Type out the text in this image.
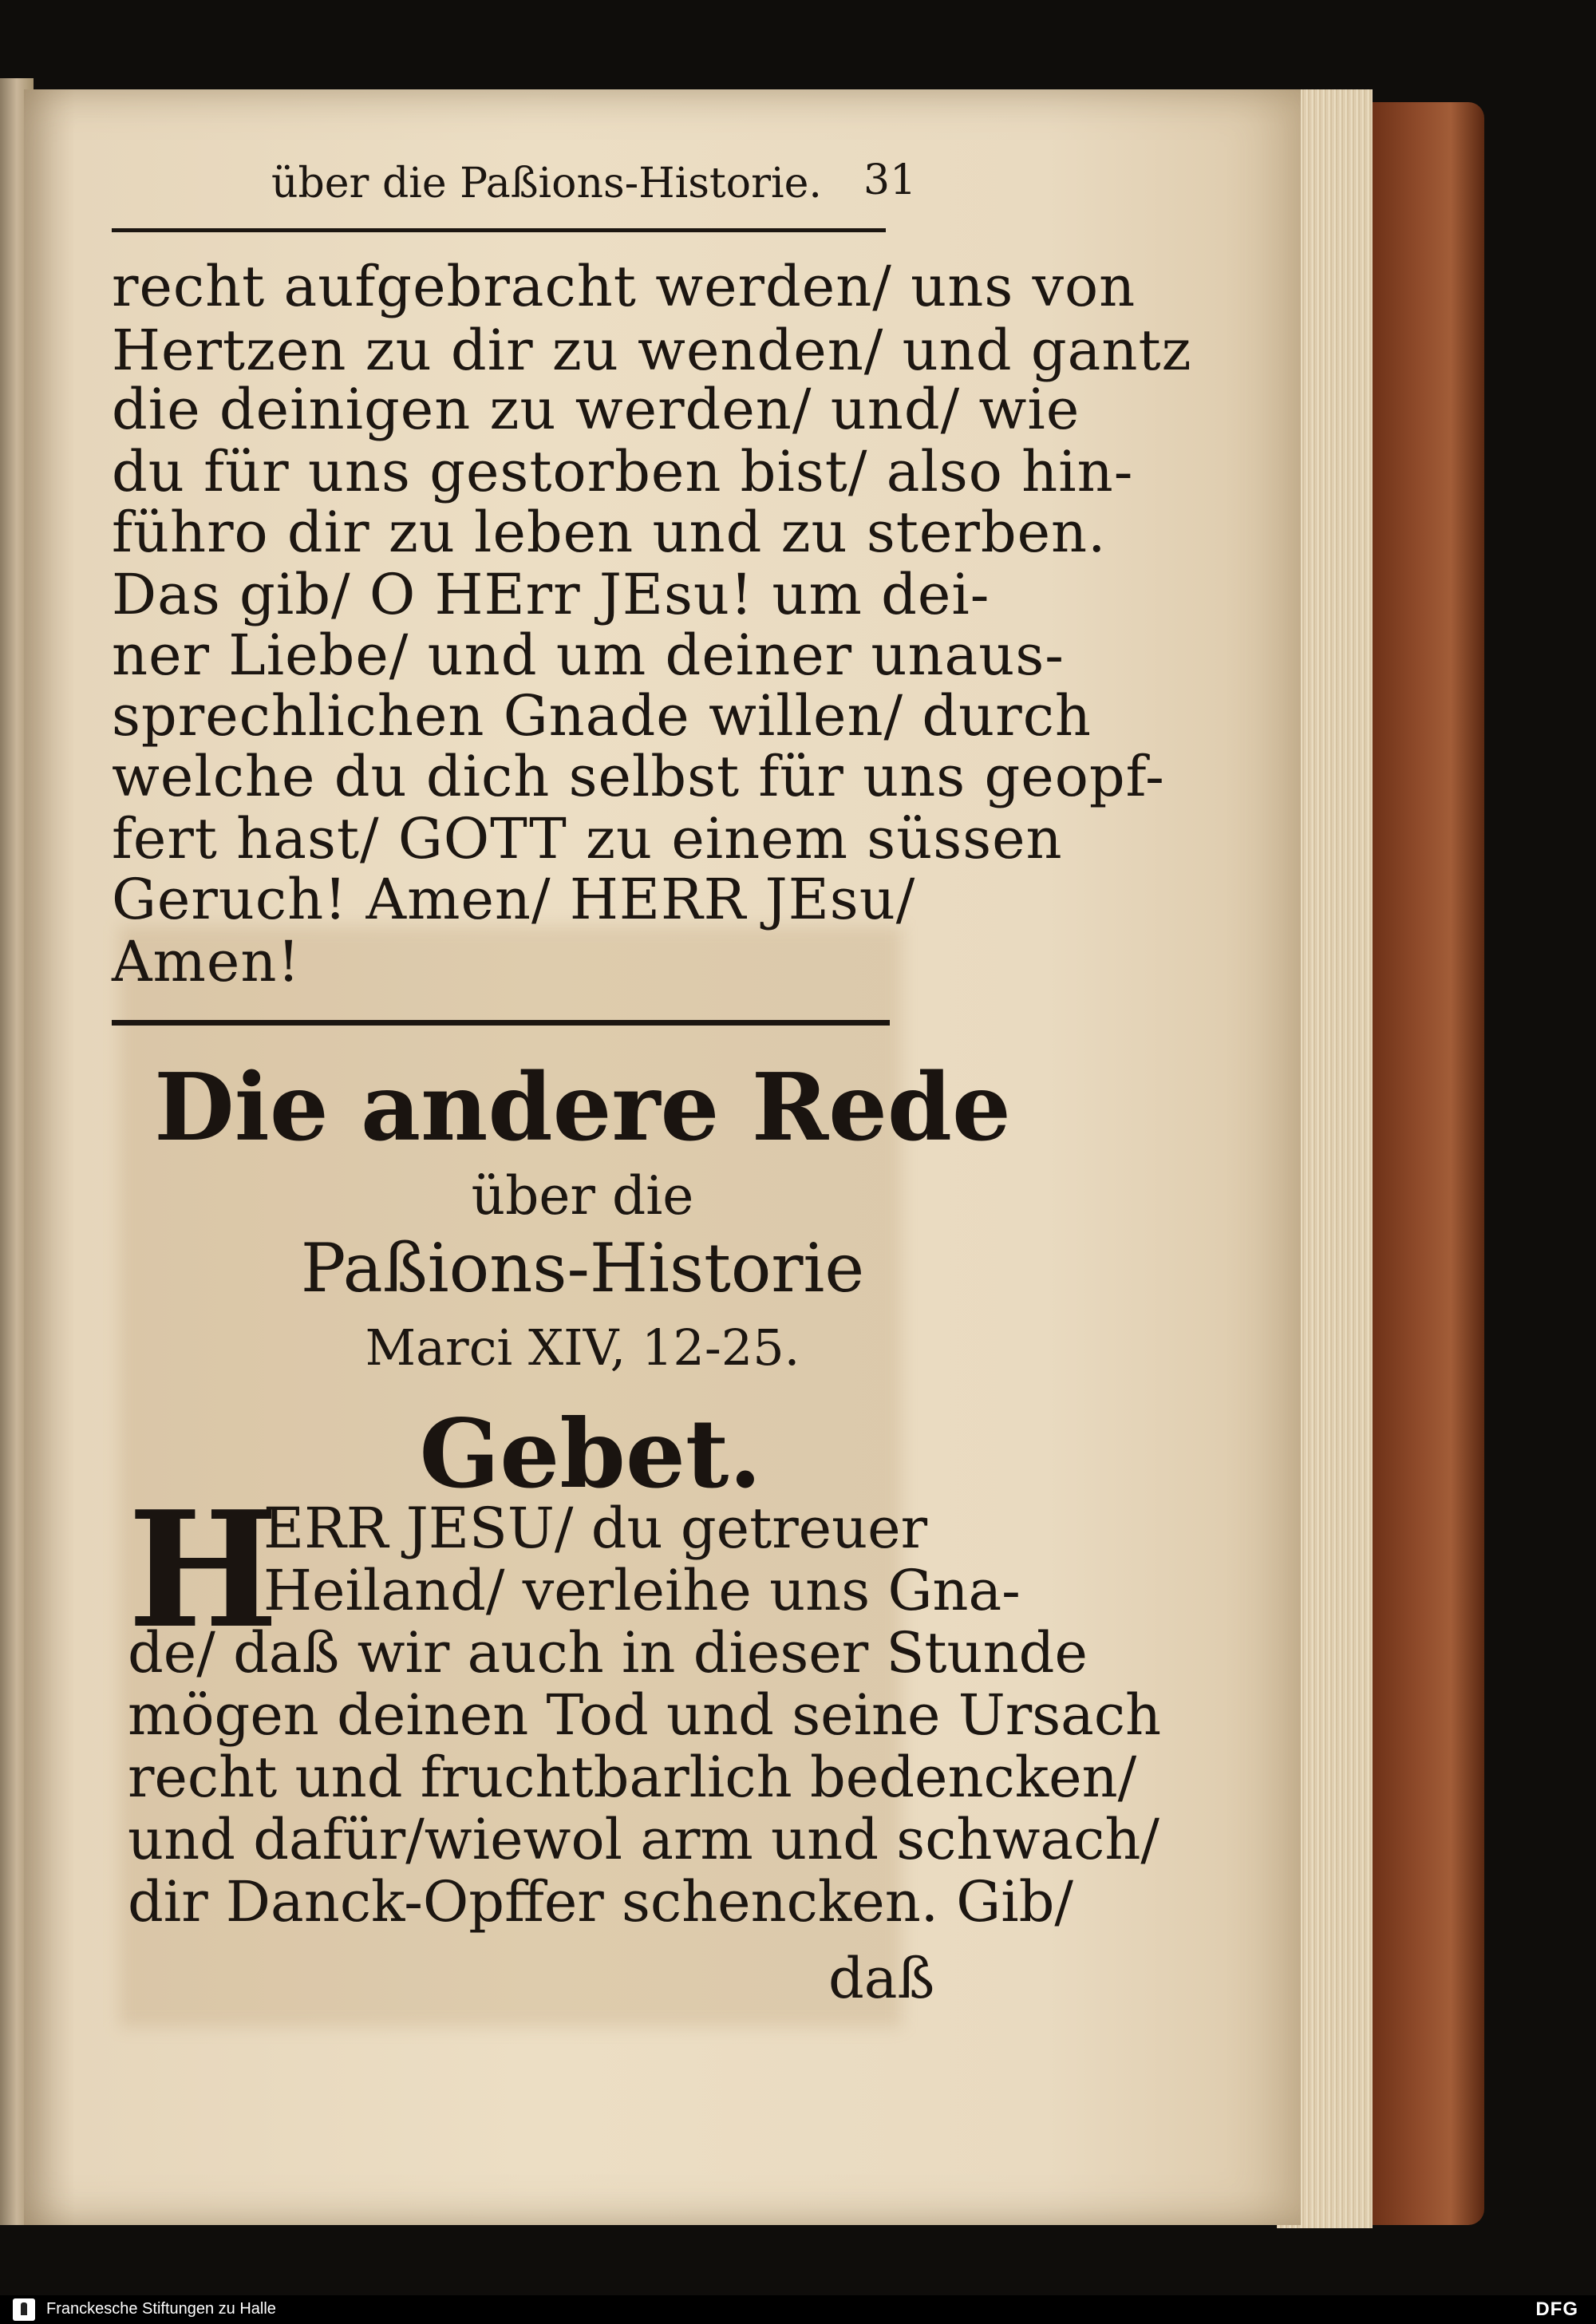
über die Paßions-Historie. 31
recht aufgebracht werden/ uns von
Hertzen zu dir zu wenden/ und gantz
die deinigen zu werden/ und/ wie
du für uns gestorben bist/ also hin-
führo dir zu leben und zu sterben.
Das gib/ O HErr JEsu! um dei-
ner Liebe/ und um deiner unaus-
sprechlichen Gnade willen/ durch
welche du dich selbst für uns geopf-
fert hast/ GOTT zu einem süssen
Geruch! Amen/ HERR JEsu/
Amen!
Die andere Rede
über die
Paßions-Historie
Marci XIV, 12-25.
Gebet.
H
ERR JESU/ du getreuer
Heiland/ verleihe uns Gna-
de/ daß wir auch in dieser Stunde
mögen deinen Tod und seine Ursach
recht und fruchtbarlich bedencken/
und dafür/wiewol arm und schwach/
dir Danck-Opffer schencken. Gib/
daß
Franckesche Stiftungen zu Halle	DFG
